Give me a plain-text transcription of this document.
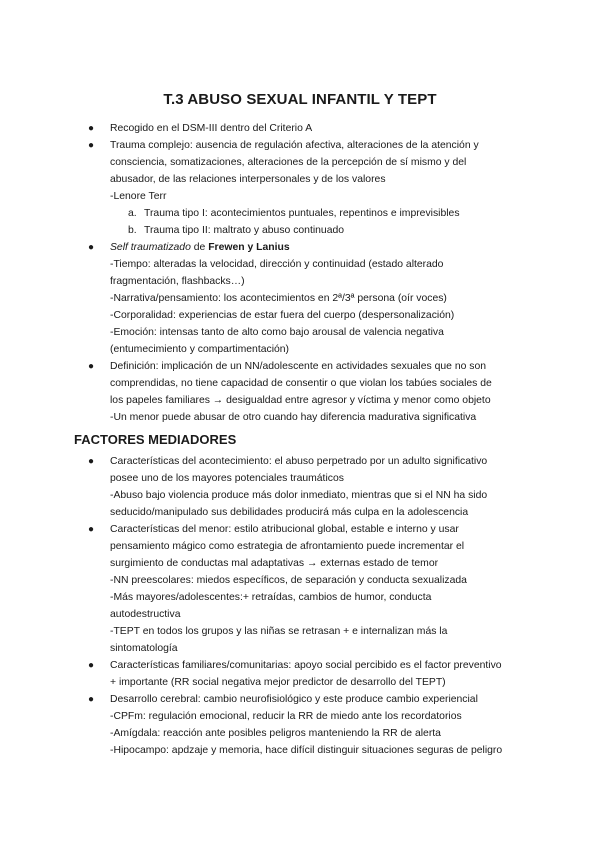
T.3 ABUSO SEXUAL INFANTIL Y TEPT
● Recogido en el DSM-III dentro del Criterio A
● Trauma complejo: ausencia de regulación afectiva, alteraciones de la atención y
consciencia, somatizaciones, alteraciones de la percepción de sí mismo y del
abusador, de las relaciones interpersonales y de los valores
-Lenore Terr
a. Trauma tipo I: acontecimientos puntuales, repentinos e imprevisibles
b. Trauma tipo II: maltrato y abuso continuado
● Self traumatizado de Frewen y Lanius
-Tiempo: alteradas la velocidad, dirección y continuidad (estado alterado
fragmentación, flashbacks…)
-Narrativa/pensamiento: los acontecimientos en 2ª/3ª persona (oír voces)
-Corporalidad: experiencias de estar fuera del cuerpo (despersonalización)
-Emoción: intensas tanto de alto como bajo arousal de valencia negativa
(entumecimiento y compartimentación)
● Definición: implicación de un NN/adolescente en actividades sexuales que no son
comprendidas, no tiene capacidad de consentir o que violan los tabúes sociales de
los papeles familiares → desigualdad entre agresor y víctima y menor como objeto
-Un menor puede abusar de otro cuando hay diferencia madurativa significativa
FACTORES MEDIADORES
● Características del acontecimiento: el abuso perpetrado por un adulto significativo
posee uno de los mayores potenciales traumáticos
-Abuso bajo violencia produce más dolor inmediato, mientras que si el NN ha sido
seducido/manipulado sus debilidades producirá más culpa en la adolescencia
● Características del menor: estilo atribucional global, estable e interno y usar
pensamiento mágico como estrategia de afrontamiento puede incrementar el
surgimiento de conductas mal adaptativas → externas estado de temor
-NN preescolares: miedos específicos, de separación y conducta sexualizada
-Más mayores/adolescentes:+ retraídas, cambios de humor, conducta
autodestructiva
-TEPT en todos los grupos y las niñas se retrasan + e internalizan más la
sintomatología
● Características familiares/comunitarias: apoyo social percibido es el factor preventivo
+ importante (RR social negativa mejor predictor de desarrollo del TEPT)
● Desarrollo cerebral: cambio neurofisiológico y este produce cambio experiencial
-CPFm: regulación emocional, reducir la RR de miedo ante los recordatorios
-Amígdala: reacción ante posibles peligros manteniendo la RR de alerta
-Hipocampo: apdzaje y memoria, hace difícil distinguir situaciones seguras de peligro
